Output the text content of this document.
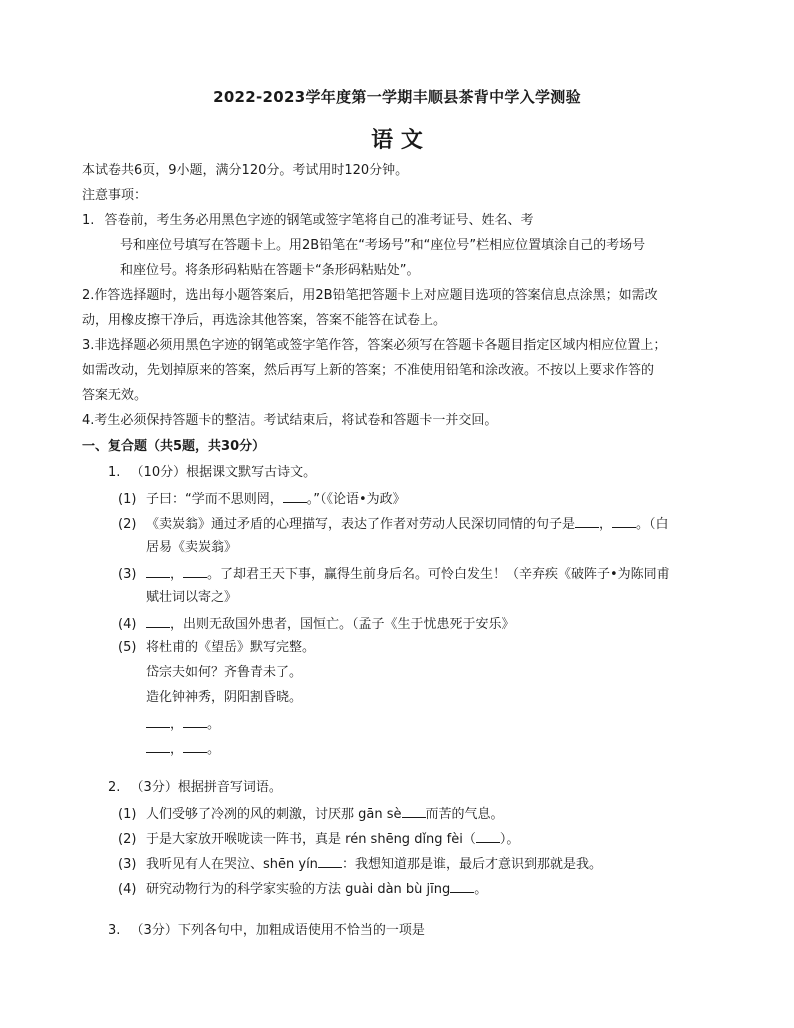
2022-2023学年度第一学期丰顺县茶背中学入学测验
语 文
本试卷共6页，9小题，满分120分。考试用时120分钟。
注意事项：
1. 答卷前，考生务必用黑色字迹的钢笔或签字笔将自己的准考证号、姓名、考
号和座位号填写在答题卡上。用2B铅笔在“考场号”和“座位号”栏相应位置填涂自己的考场号
和座位号。将条形码粘贴在答题卡“条形码粘贴处”。
2.作答选择题时，选出每小题答案后，用2B铅笔把答题卡上对应题目选项的答案信息点涂黑；如需改
动，用橡皮擦干净后，再选涂其他答案，答案不能答在试卷上。
3.非选择题必须用黑色字迹的钢笔或签字笔作答，答案必须写在答题卡各题目指定区域内相应位置上；
如需改动，先划掉原来的答案，然后再写上新的答案；不准使用铅笔和涂改液。不按以上要求作答的
答案无效。
4.考生必须保持答题卡的整洁。考试结束后，将试卷和答题卡一并交回。
一、复合题（共5题，共30分）
1. （10分）根据课文默写古诗文。
(1) 子曰：“学而不思则罔， 。”（《论语•为政》
(2) 《卖炭翁》通过矛盾的心理描写，表达了作者对劳动人民深切同情的句子是 ， 。（白
居易《卖炭翁》
(3)	， 。了却君王天下事，赢得生前身后名。可怜白发生！（辛弃疾《破阵子•为陈同甫
赋壮词以寄之》
(4)	，出则无敌国外患者，国恒亡。（孟子《生于忧患死于安乐》
(5) 将杜甫的《望岳》默写完整。
岱宗夫如何？齐鲁青未了。
造化钟神秀，阴阳割昏晓。
， 。
， 。
2. （3分）根据拼音写词语。
(1) 人们受够了冷冽的风的刺激，讨厌那 gān sè 而苦的气息。
(2) 于是大家放开喉咙读一阵书，真是 rén shēng dǐng fèi（ ）。
(3) 我听见有人在哭泣、shēn yín ：我想知道那是谁，最后才意识到那就是我。
(4) 研究动物行为的科学家实验的方法 guài dàn bù jīng 。
3. （3分）下列各句中，加粗成语使用不恰当的一项是
